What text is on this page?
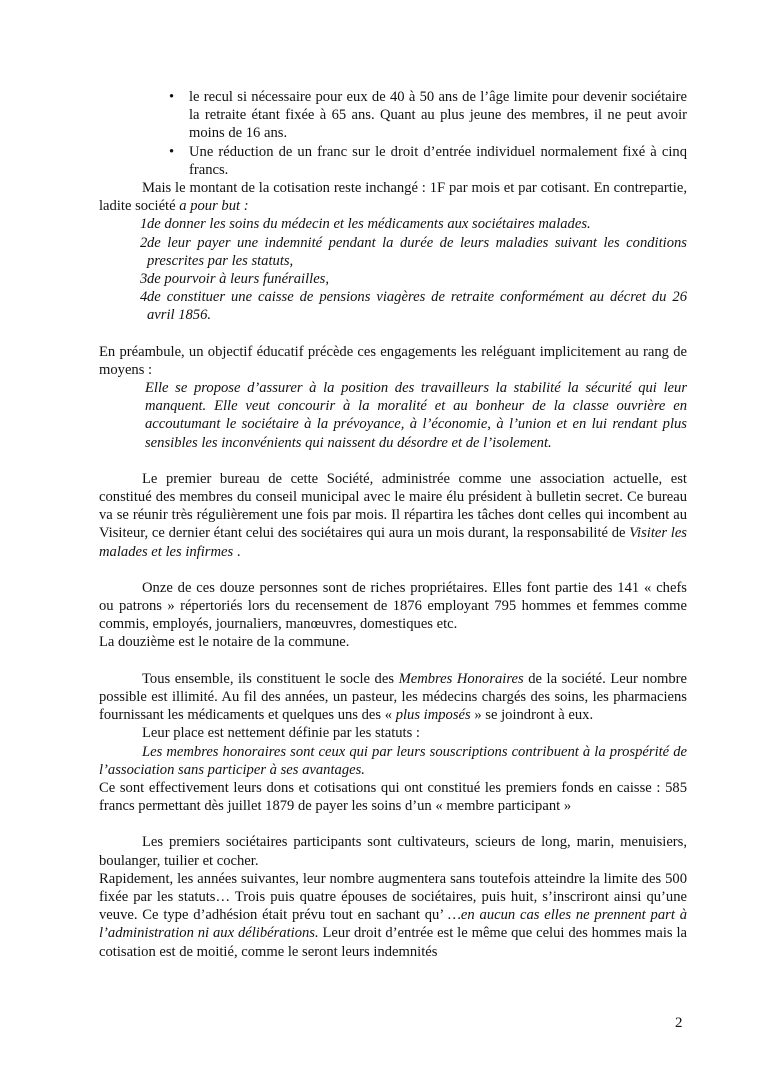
• le recul si nécessaire pour eux de 40 à 50 ans de l’âge limite pour devenir sociétaire la retraite étant fixée à 65 ans. Quant au plus jeune des membres, il ne peut avoir moins de 16 ans.

• Une réduction de un franc sur le droit d’entrée individuel normalement fixé à cinq francs.

Mais le montant de la cotisation reste inchangé : 1F par mois et par cotisant. En contrepartie, ladite société a pour but :

1 de donner les soins du médecin et les médicaments aux sociétaires malades.

2 de leur payer une indemnité pendant la durée de leurs maladies suivant les conditions prescrites par les statuts,

3 de pourvoir à leurs funérailles,

4 de constituer une caisse de pensions viagères de retraite conformément au décret du 26 avril 1856.

En préambule, un objectif éducatif précède ces engagements les reléguant implicitement au rang de moyens :

Elle se propose d’assurer à la position des travailleurs la stabilité la sécurité qui leur manquent. Elle veut concourir à la moralité et au bonheur de la classe ouvrière en accoutumant le sociétaire à la prévoyance, à l’économie, à l’union et en lui rendant plus sensibles les inconvénients qui naissent du désordre et de l’isolement.

Le premier bureau de cette Société, administrée comme une association actuelle, est constitué des membres du conseil municipal avec le maire élu président à bulletin secret. Ce bureau va se réunir très régulièrement une fois par mois. Il répartira les tâches dont celles qui incombent au Visiteur, ce dernier étant celui des sociétaires qui aura un mois durant, la responsabilité de Visiter les malades et les infirmes .

Onze de ces douze personnes sont de riches propriétaires. Elles font partie des 141 « chefs ou patrons » répertoriés lors du recensement de 1876 employant 795 hommes et femmes comme commis, employés, journaliers, manœuvres, domestiques etc.

La douzième est le notaire de la commune.

Tous ensemble, ils constituent le socle des Membres Honoraires de la société. Leur nombre possible est illimité. Au fil des années, un pasteur, les médecins chargés des soins, les pharmaciens fournissant les médicaments et quelques uns des « plus imposés » se joindront à eux.

Leur place est nettement définie par les statuts :

Les membres honoraires sont ceux qui par leurs souscriptions contribuent à la prospérité de l’association sans participer à ses avantages.

Ce sont effectivement leurs dons et cotisations qui ont constitué les premiers fonds en caisse : 585 francs permettant dès juillet 1879 de payer les soins d’un « membre participant »

Les premiers sociétaires participants sont cultivateurs, scieurs de long, marin, menuisiers, boulanger, tuilier et cocher.

Rapidement, les années suivantes, leur nombre augmentera sans toutefois atteindre la limite des 500 fixée par les statuts… Trois puis quatre épouses de sociétaires, puis huit, s’inscriront ainsi qu’une veuve. Ce type d’adhésion était prévu tout en sachant qu’ …en aucun cas elles ne prennent part à l’administration ni aux délibérations. Leur droit d’entrée est le même que celui des hommes mais la cotisation est de moitié, comme le seront leurs indemnités

2
